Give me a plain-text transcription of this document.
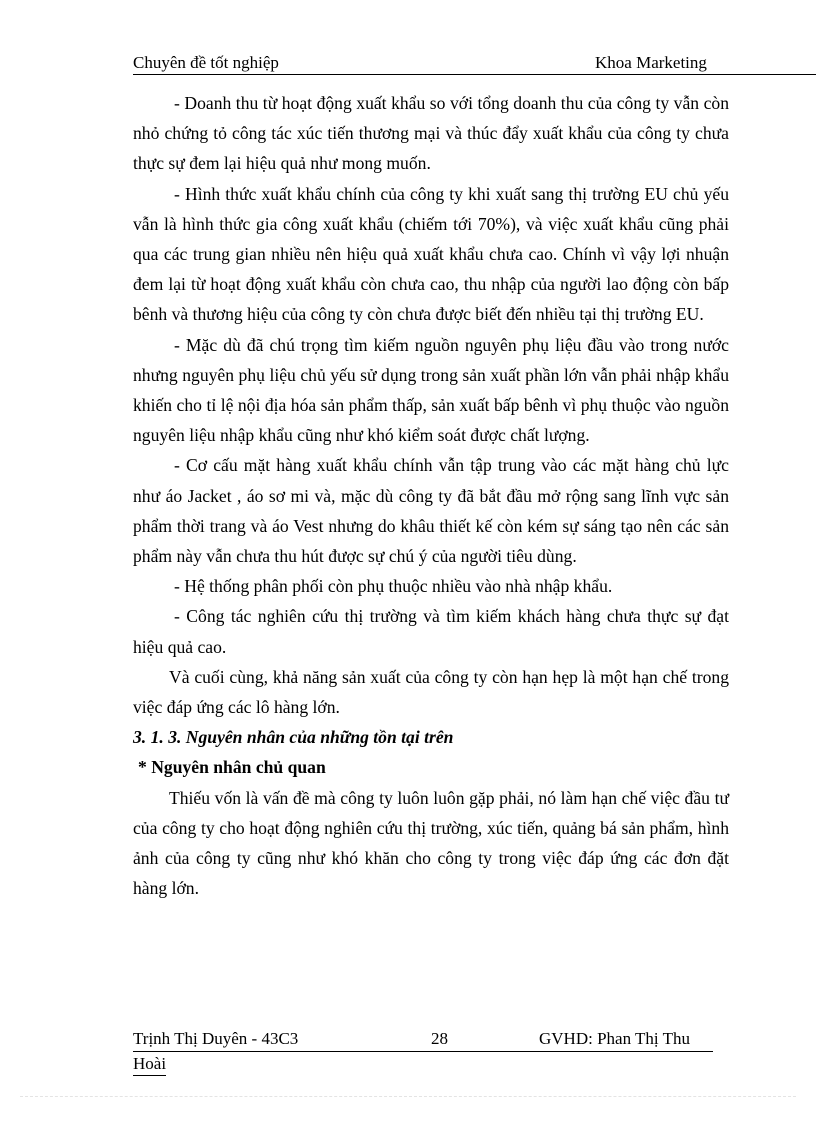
Chuyên đề tốt nghiệp	Khoa Marketing

- Doanh thu từ hoạt động xuất khẩu so với tổng doanh thu của công ty vẫn còn nhỏ chứng tỏ công tác xúc tiến thương mại và thúc đẩy xuất khẩu của công ty chưa thực sự đem lại hiệu quả như mong muốn.

- Hình thức xuất khẩu chính của công ty khi xuất sang thị trường EU chủ yếu vẫn là hình thức gia công xuất khẩu (chiếm tới 70%), và việc xuất khẩu cũng phải qua các trung gian nhiều nên hiệu quả xuất khẩu chưa cao. Chính vì vậy lợi nhuận đem lại từ hoạt động xuất khẩu còn chưa cao, thu nhập của người lao động còn bấp bênh và thương hiệu của công ty còn chưa được biết đến nhiều tại thị trường EU.

- Mặc dù đã chú trọng tìm kiếm nguồn nguyên phụ liệu đầu vào trong nước nhưng nguyên phụ liệu chủ yếu sử dụng trong sản xuất phần lớn vẫn phải nhập khẩu khiến cho tỉ lệ nội địa hóa sản phẩm thấp, sản xuất bấp bênh vì phụ thuộc vào nguồn nguyên liệu nhập khẩu cũng như khó kiểm soát được chất lượng.

- Cơ cấu mặt hàng xuất khẩu chính vẫn tập trung vào các mặt hàng chủ lực như áo Jacket , áo sơ mi và, mặc dù công ty đã bắt đầu mở rộng sang lĩnh vực sản phẩm thời trang và áo Vest nhưng do khâu thiết kế còn kém sự sáng tạo nên các sản phẩm này vẫn chưa thu hút được sự chú ý của người tiêu dùng.

- Hệ thống phân phối còn phụ thuộc nhiều vào nhà nhập khẩu.

- Công tác nghiên cứu thị trường và tìm kiếm khách hàng chưa thực sự đạt hiệu quả cao.

Và cuối cùng, khả năng sản xuất của công ty còn hạn hẹp là một hạn chế trong việc đáp ứng các lô hàng lớn.

3. 1. 3. Nguyên nhân của những tồn tại trên
* Nguyên nhân chủ quan

Thiếu vốn là vấn đề mà công ty luôn luôn gặp phải, nó làm hạn chế việc đầu tư của công ty cho hoạt động nghiên cứu thị trường, xúc tiến, quảng bá sản phẩm, hình ảnh của công ty cũng như khó khăn cho công ty trong việc đáp ứng các đơn đặt hàng lớn.

Trịnh Thị Duyên - 43C3	28	GVHD: Phan Thị Thu
Hoài
